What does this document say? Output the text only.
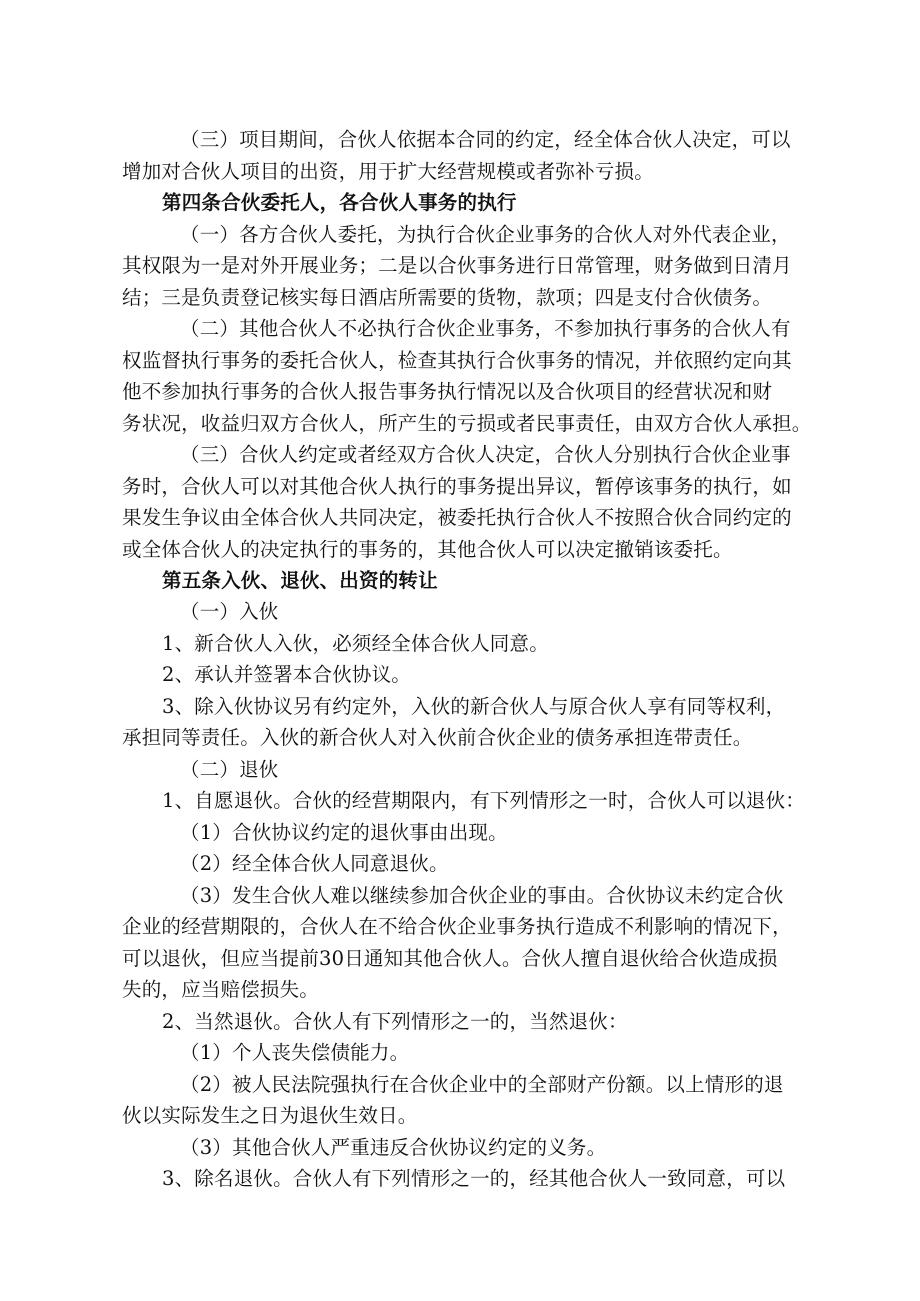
（三）项目期间，合伙人依据本合同的约定，经全体合伙人决定，可以
增加对合伙人项目的出资，用于扩大经营规模或者弥补亏损。
第四条合伙委托人，各合伙人事务的执行
（一）各方合伙人委托，为执行合伙企业事务的合伙人对外代表企业，
其权限为一是对外开展业务；二是以合伙事务进行日常管理，财务做到日清月
结；三是负责登记核实每日酒店所需要的货物，款项；四是支付合伙债务。
（二）其他合伙人不必执行合伙企业事务，不参加执行事务的合伙人有
权监督执行事务的委托合伙人，检查其执行合伙事务的情况，并依照约定向其
他不参加执行事务的合伙人报告事务执行情况以及合伙项目的经营状况和财
务状况，收益归双方合伙人，所产生的亏损或者民事责任，由双方合伙人承担。
（三）合伙人约定或者经双方合伙人决定，合伙人分别执行合伙企业事
务时，合伙人可以对其他合伙人执行的事务提出异议，暂停该事务的执行，如
果发生争议由全体合伙人共同决定，被委托执行合伙人不按照合伙合同约定的
或全体合伙人的决定执行的事务的，其他合伙人可以决定撤销该委托。
第五条入伙、退伙、出资的转让
（一）入伙
1、新合伙人入伙，必须经全体合伙人同意。
2、承认并签署本合伙协议。
3、除入伙协议另有约定外，入伙的新合伙人与原合伙人享有同等权利，
承担同等责任。入伙的新合伙人对入伙前合伙企业的债务承担连带责任。
（二）退伙
1、自愿退伙。合伙的经营期限内，有下列情形之一时，合伙人可以退伙：
（1）合伙协议约定的退伙事由出现。
（2）经全体合伙人同意退伙。
（3）发生合伙人难以继续参加合伙企业的事由。合伙协议未约定合伙
企业的经营期限的，合伙人在不给合伙企业事务执行造成不利影响的情况下，
可以退伙，但应当提前30日通知其他合伙人。合伙人擅自退伙给合伙造成损
失的，应当赔偿损失。
2、当然退伙。合伙人有下列情形之一的，当然退伙：
（1）个人丧失偿债能力。
（2）被人民法院强执行在合伙企业中的全部财产份额。以上情形的退
伙以实际发生之日为退伙生效日。
（3）其他合伙人严重违反合伙协议约定的义务。
3、除名退伙。合伙人有下列情形之一的，经其他合伙人一致同意，可以
